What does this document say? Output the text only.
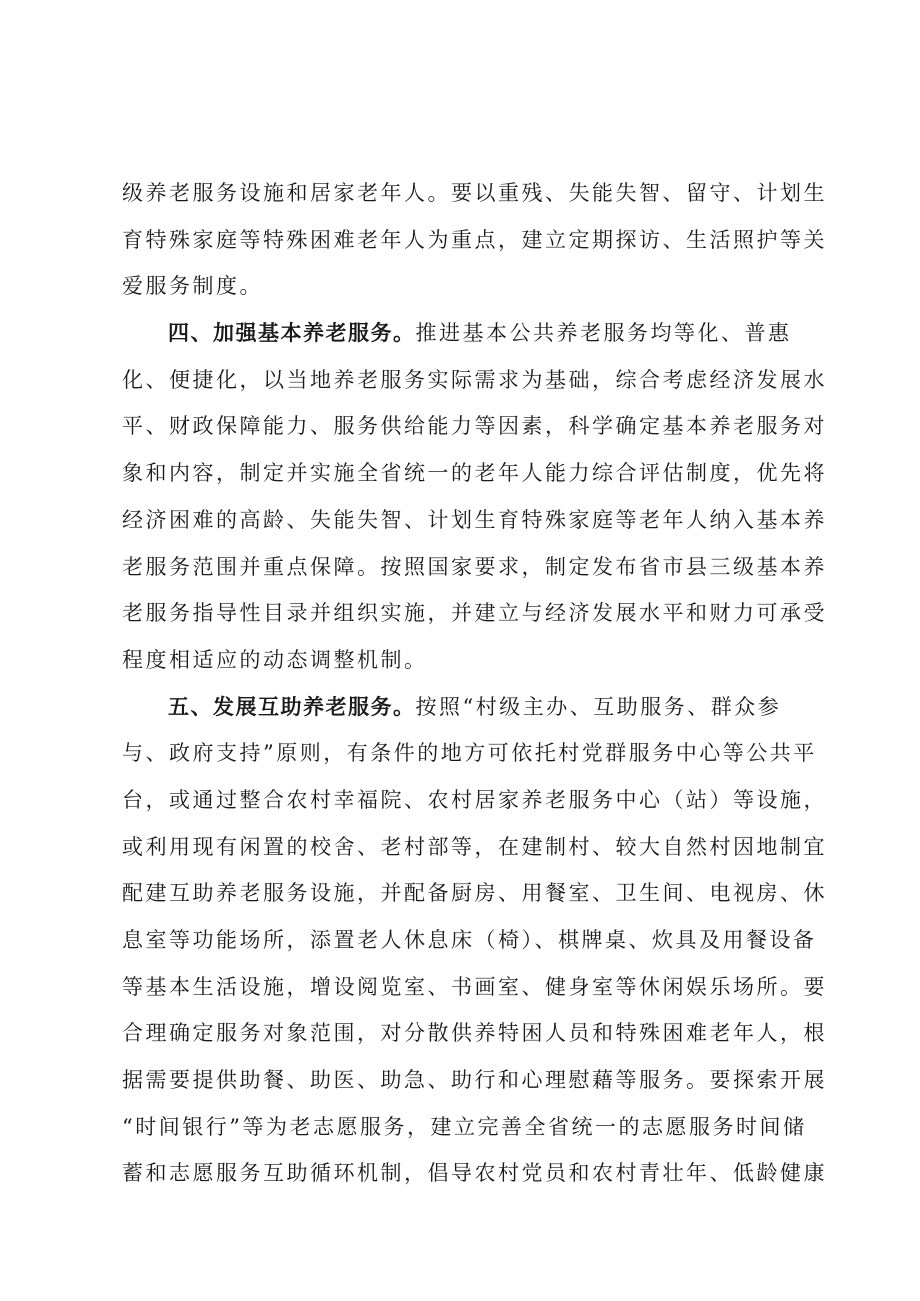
级养老服务设施和居家老年人。要以重残、失能失智、留守、计划生
育特殊家庭等特殊困难老年人为重点，建立定期探访、生活照护等关
爱服务制度。
四、加强基本养老服务。推进基本公共养老服务均等化、普惠
化、便捷化，以当地养老服务实际需求为基础，综合考虑经济发展水
平、财政保障能力、服务供给能力等因素，科学确定基本养老服务对
象和内容，制定并实施全省统一的老年人能力综合评估制度，优先将
经济困难的高龄、失能失智、计划生育特殊家庭等老年人纳入基本养
老服务范围并重点保障。按照国家要求，制定发布省市县三级基本养
老服务指导性目录并组织实施，并建立与经济发展水平和财力可承受
程度相适应的动态调整机制。
五、发展互助养老服务。按照“村级主办、互助服务、群众参
与、政府支持”原则，有条件的地方可依托村党群服务中心等公共平
台，或通过整合农村幸福院、农村居家养老服务中心（站）等设施，
或利用现有闲置的校舍、老村部等，在建制村、较大自然村因地制宜
配建互助养老服务设施，并配备厨房、用餐室、卫生间、电视房、休
息室等功能场所，添置老人休息床（椅）、棋牌桌、炊具及用餐设备
等基本生活设施，增设阅览室、书画室、健身室等休闲娱乐场所。要
合理确定服务对象范围，对分散供养特困人员和特殊困难老年人，根
据需要提供助餐、助医、助急、助行和心理慰藉等服务。要探索开展
“时间银行”等为老志愿服务，建立完善全省统一的志愿服务时间储
蓄和志愿服务互助循环机制，倡导农村党员和农村青壮年、低龄健康
